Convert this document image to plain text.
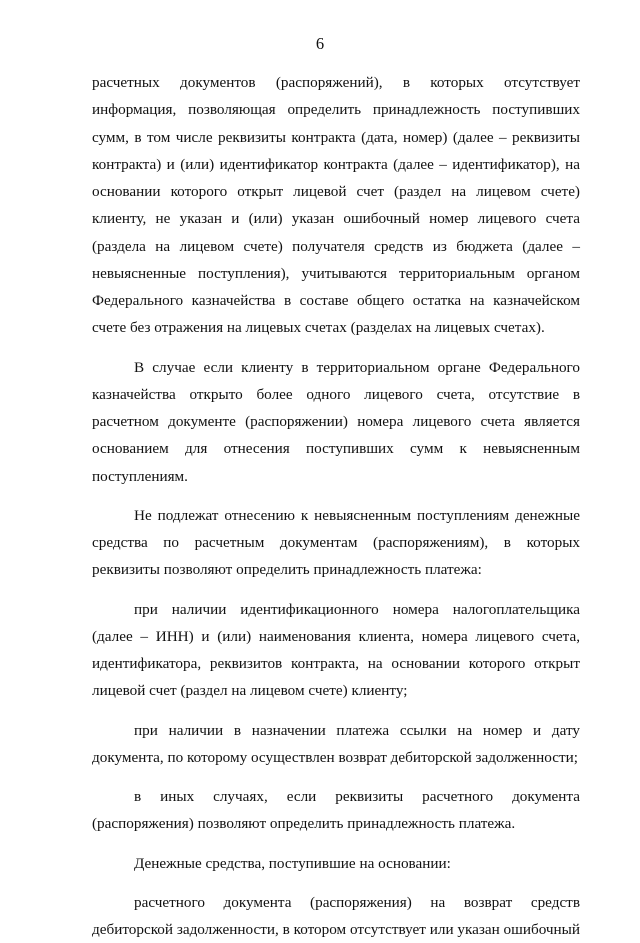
6

расчетных документов (распоряжений), в которых отсутствует информация, позволяющая определить принадлежность поступивших сумм, в том числе реквизиты контракта (дата, номер) (далее – реквизиты контракта) и (или) идентификатор контракта (далее – идентификатор), на основании которого открыт лицевой счет (раздел на лицевом счете) клиенту, не указан и (или) указан ошибочный номер лицевого счета (раздела на лицевом счете) получателя средств из бюджета (далее – невыясненные поступления), учитываются территориальным органом Федерального казначейства в составе общего остатка на казначейском счете без отражения на лицевых счетах (разделах на лицевых счетах).

В случае если клиенту в территориальном органе Федерального казначейства открыто более одного лицевого счета, отсутствие в расчетном документе (распоряжении) номера лицевого счета является основанием для отнесения поступивших сумм к невыясненным поступлениям.

Не подлежат отнесению к невыясненным поступлениям денежные средства по расчетным документам (распоряжениям), в которых реквизиты позволяют определить принадлежность платежа:

при наличии идентификационного номера налогоплательщика (далее – ИНН) и (или) наименования клиента, номера лицевого счета, идентификатора, реквизитов контракта, на основании которого открыт лицевой счет (раздел на лицевом счете) клиенту;

при наличии в назначении платежа ссылки на номер и дату документа, по которому осуществлен возврат дебиторской задолженности;

в иных случаях, если реквизиты расчетного документа (распоряжения) позволяют определить принадлежность платежа.

Денежные средства, поступившие на основании:

расчетного документа (распоряжения) на возврат средств дебиторской задолженности, в котором отсутствует или указан ошибочный
